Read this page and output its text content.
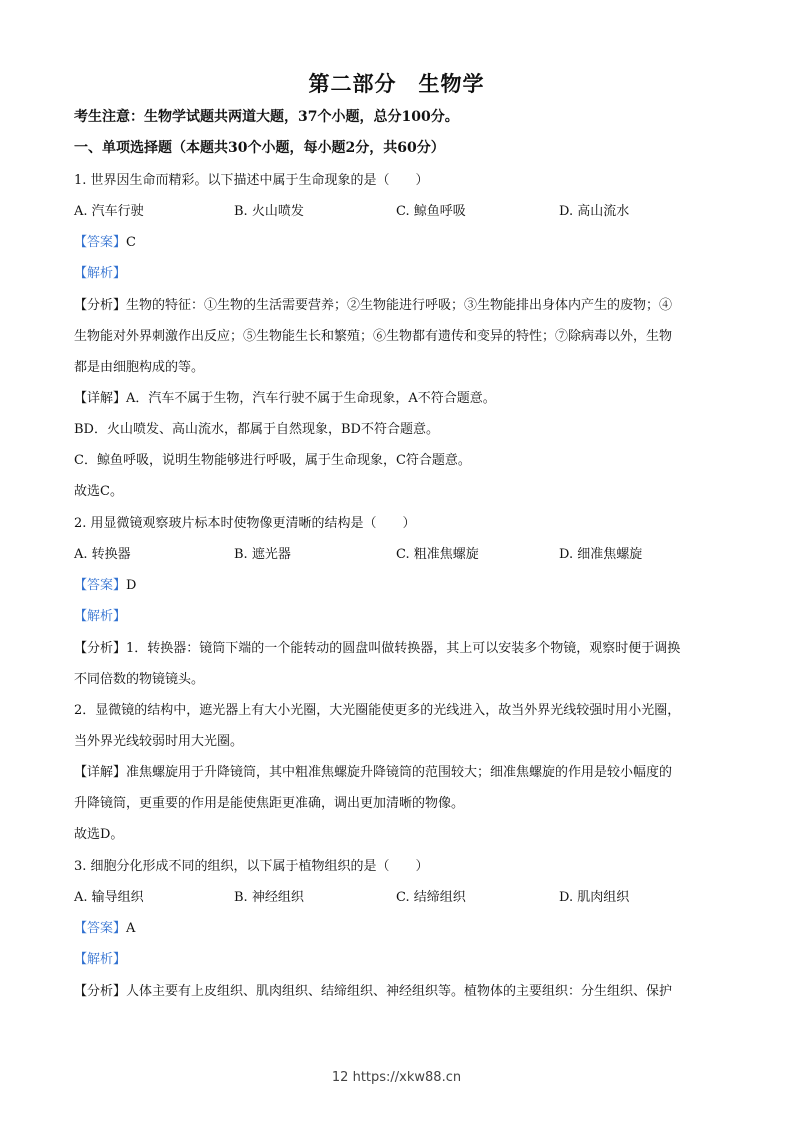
第二部分　生物学
考生注意：生物学试题共两道大题，37个小题，总分100分。
一、单项选择题（本题共30个小题，每小题2分，共60分）
1. 世界因生命而精彩。以下描述中属于生命现象的是（　　）
A. 汽车行驶	B. 火山喷发	C. 鲸鱼呼吸	D. 高山流水
【答案】C
【解析】
【分析】生物的特征：①生物的生活需要营养；②生物能进行呼吸；③生物能排出身体内产生的废物；④
生物能对外界刺激作出反应；⑤生物能生长和繁殖；⑥生物都有遗传和变异的特性；⑦除病毒以外，生物
都是由细胞构成的等。
【详解】A．汽车不属于生物，汽车行驶不属于生命现象，A不符合题意。
BD．火山喷发、高山流水，都属于自然现象，BD不符合题意。
C．鲸鱼呼吸，说明生物能够进行呼吸，属于生命现象，C符合题意。
故选C。
2. 用显微镜观察玻片标本时使物像更清晰的结构是（　　）
A. 转换器	B. 遮光器	C. 粗准焦螺旋	D. 细准焦螺旋
【答案】D
【解析】
【分析】1．转换器：镜筒下端的一个能转动的圆盘叫做转换器，其上可以安装多个物镜，观察时便于调换
不同倍数的物镜镜头。
2．显微镜的结构中，遮光器上有大小光圈，大光圈能使更多的光线进入，故当外界光线较强时用小光圈，
当外界光线较弱时用大光圈。
【详解】准焦螺旋用于升降镜筒，其中粗准焦螺旋升降镜筒的范围较大；细准焦螺旋的作用是较小幅度的
升降镜筒，更重要的作用是能使焦距更准确，调出更加清晰的物像。
故选D。
3. 细胞分化形成不同的组织，以下属于植物组织的是（　　）
A. 输导组织	B. 神经组织	C. 结缔组织	D. 肌肉组织
【答案】A
【解析】
【分析】人体主要有上皮组织、肌肉组织、结缔组织、神经组织等。植物体的主要组织：分生组织、保护
12 https://xkw88.cn
